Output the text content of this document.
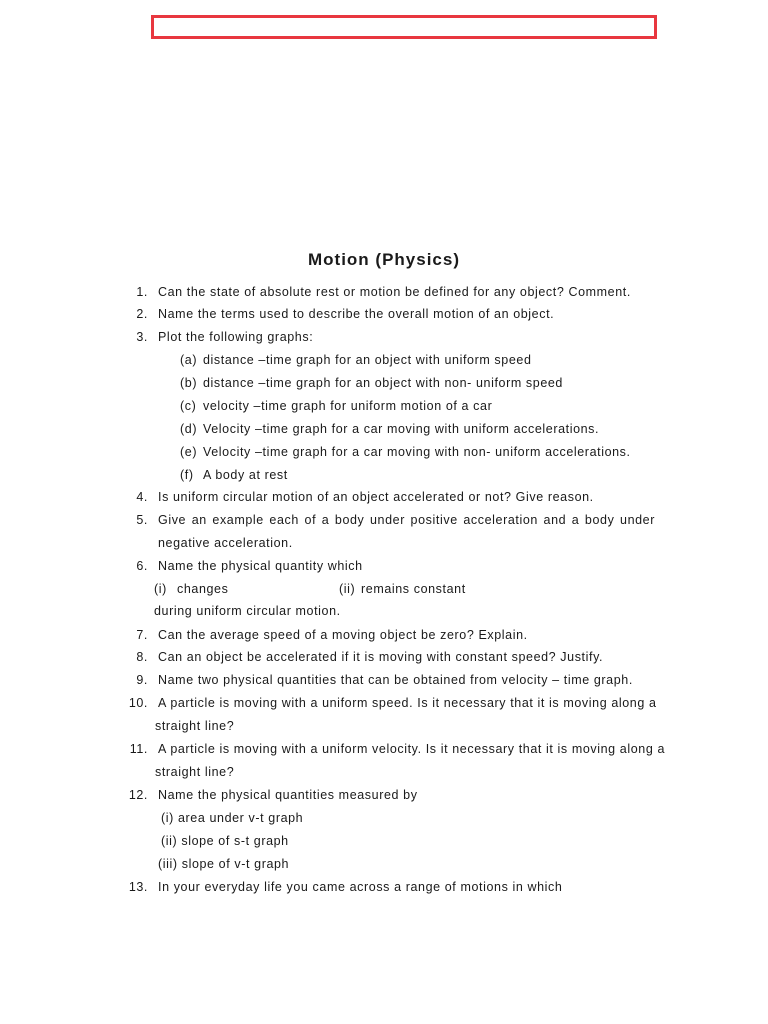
Motion (Physics)
1. Can the state of absolute rest or motion be defined for any object? Comment.
2. Name the terms used to describe the overall motion of an object.
3. Plot the following graphs:
(a) distance –time graph for an object with uniform speed
(b) distance –time graph for an object with non- uniform speed
(c) velocity –time graph for uniform motion of a car
(d) Velocity –time graph for a car moving with uniform accelerations.
(e) Velocity –time graph for a car moving with non- uniform accelerations.
(f) A body at rest
4. Is uniform circular motion of an object accelerated or not? Give reason.
5. Give an example each of a body under positive acceleration and a body under
negative acceleration.
6. Name the physical quantity which
(i) changes	(ii) remains constant
during uniform circular motion.
7. Can the average speed of a moving object be zero? Explain.
8. Can an object be accelerated if it is moving with constant speed? Justify.
9. Name two physical quantities that can be obtained from velocity – time graph.
10. A particle is moving with a uniform speed. Is it necessary that it is moving along a
straight line?
11. A particle is moving with a uniform velocity. Is it necessary that it is moving along a
straight line?
12. Name the physical quantities measured by
(i) area under v-t graph
(ii) slope of s-t graph
(iii) slope of v-t graph
13. In your everyday life you came across a range of motions in which
